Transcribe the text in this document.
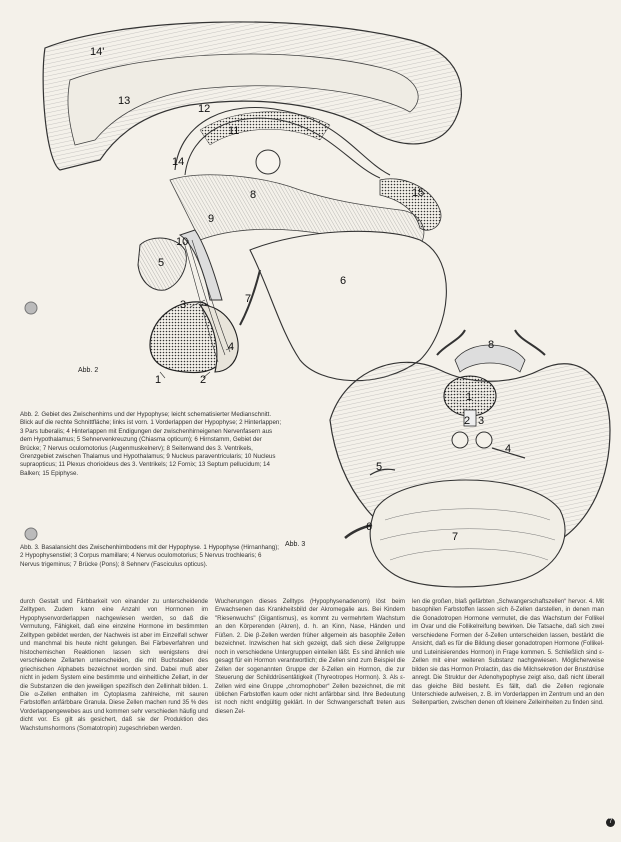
14'
13
12
11
14
8	15
9
10
5
6
7
3
4
1	2
Abb. 2
8
1
2 3
4
5
6
7
Abb. 3
Abb. 2. Gebiet des Zwischenhirns und der Hypophyse; leicht schematisierter Medianschnitt. Blick auf die rechte Schnittfläche; links ist vorn. 1 Vorderlappen der Hypophyse; 2 Hinterlappen; 3 Pars tuberalis; 4 Hinterlappen mit Endigungen der zwischenhirneigenen Nervenfasern aus dem Hypothalamus; 5 Sehnervenkreuzung (Chiasma opticum); 6 Hirnstamm, Gebiet der Brücke; 7 Nervus oculomotorius (Augenmuskelnerv); 8 Seitenwand des 3. Ventrikels, Grenzgebiet zwischen Thalamus und Hypothalamus; 9 Nucleus paraventricularis; 10 Nucleus supraopticus; 11 Plexus chorioideus des 3. Ventrikels; 12 Fornix; 13 Septum pellucidum; 14 Balken; 15 Epiphyse.
Abb. 3. Basalansicht des Zwischenhirnbodens mit der Hypophyse. 1 Hypophyse (Hirnanhang); 2 Hypophysenstiel; 3 Corpus mamillare; 4 Nervus oculomotorius; 5 Nervus trochlearis; 6 Nervus trigeminus; 7 Brücke (Pons); 8 Sehnerv (Fasciculus opticus).
durch Gestalt und Färbbarkeit von einander zu unterscheidende Zelltypen. Zudem kann eine Anzahl von Hormonen im Hypophysenvorderlappen nachgewiesen werden, so daß die Vermutung, Fähigkeit, daß eine einzelne Hormone im bestimmten Zelltypen gebildet werden, der Nachweis ist aber im Einzelfall schwer und manchmal bis heute nicht gelungen. Bei Färbeverfahren und histochemischen Reaktionen lassen sich wenigstens drei verschiedene Zellarten unterscheiden, die mit Buchstaben des griechischen Alphabets bezeichnet worden sind. Dabei muß aber nicht in jedem System eine bestimmte und einheitliche Zellart, in der die Substanzen die den jeweiligen spezifisch den Zellinhalt bilden. 1. Die α-Zellen enthalten im Cytoplasma zahlreiche, mit sauren Farbstoffen anfärbbare Granula. Diese Zellen machen rund 35 % des Vorderlappengewebes aus und kommen sehr verschieden häufig und dicht vor. Es gilt als gesichert, daß sie der Produktion des Wachstumshormons (Somatotropin) zugeschrieben werden.
Wucherungen dieses Zelltyps (Hypophysenadenom) löst beim Erwachsenen das Krankheitsbild der Akromegalie aus. Bei Kindern "Riesenwuchs" (Gigantismus), es kommt zu vermehrtem Wachstum an den Körperenden (Akren), d. h. an Kinn, Nase, Händen und Füßen. 2. Die β-Zellen werden früher allgemein als basophile Zellen bezeichnet. Inzwischen hat sich gezeigt, daß sich diese Zellgruppe noch in verschiedene Untergruppen einteilen läßt. Es sind ähnlich wie gesagt für ein Hormon verantwortlich; die Zellen sind zum Beispiel die Zellen der sogenannten Gruppe der δ-Zellen ein Hormon, die zur Steuerung der Schilddrüsentätigkeit (Thyreotropes Hormon). 3. Als ε-Zellen wird eine Gruppe „chromophober“ Zellen bezeichnet, die mit üblichen Farbstoffen kaum oder nicht anfärbbar sind. Ihre Bedeutung ist noch nicht endgültig geklärt. In der Schwangerschaft treten aus diesen Zel-
len die großen, blaß gefärbten „Schwangerschaftszellen“ hervor. 4. Mit basophilen Farbstoffen lassen sich δ-Zellen darstellen, in denen man die Gonadotropen Hormone vermutet, die das Wachstum der Follikel im Ovar und die Follikelreifung bewirken. Die Tatsache, daß sich zwei verschiedene Formen der δ-Zellen unterscheiden lassen, bestärkt die Ansicht, daß es für die Bildung dieser gonadotropen Hormone (Follikel- und Luteinisierendes Hormon) in Frage kommen. 5. Schließlich sind ε-Zellen mit einer weiteren Substanz nachgewiesen. Möglicherweise bilden sie das Hormon Prolactin, das die Milchsekretion der Brustdrüse anregt. Die Struktur der Adenohypophyse zeigt also, daß nicht überall das gleiche Bild besteht. Es fällt, daß die Zellen regionale Unterschiede aufweisen, z. B. im Vorderlappen im Zentrum und an den Seitenpartien, zwischen denen oft kleinere Zelleinheiten zu finden sind.
7
